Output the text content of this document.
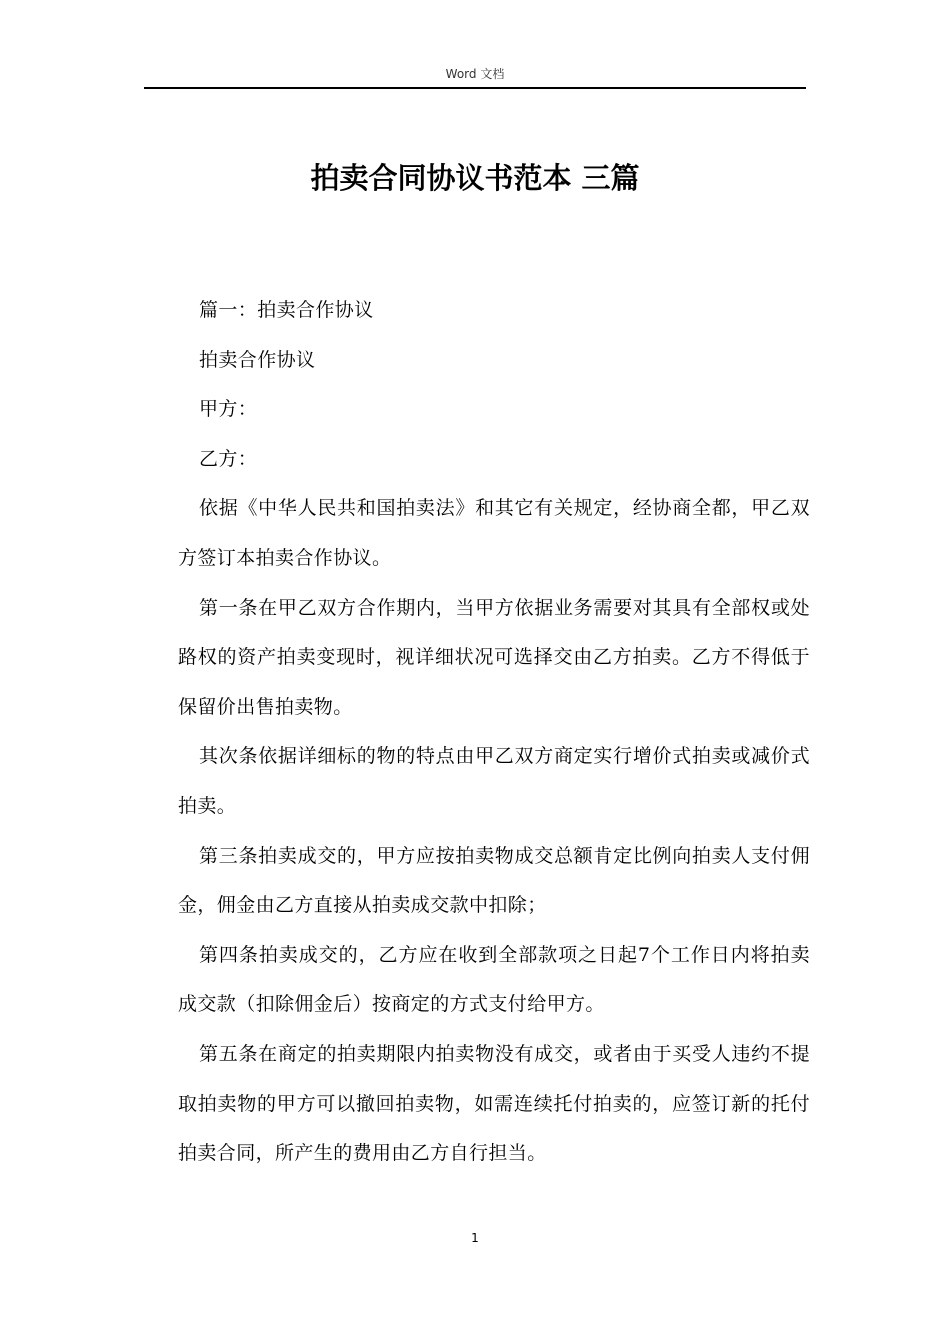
Word 文档
拍卖合同协议书范本 三篇

篇一：拍卖合作协议

拍卖合作协议

甲方：

乙方：

依据《中华人民共和国拍卖法》和其它有关规定，经协商全都，甲乙双方签订本拍卖合作协议。

第一条在甲乙双方合作期内，当甲方依据业务需要对其具有全部权或处路权的资产拍卖变现时，视详细状况可选择交由乙方拍卖。乙方不得低于保留价出售拍卖物。

其次条依据详细标的物的特点由甲乙双方商定实行增价式拍卖或减价式拍卖。

第三条拍卖成交的，甲方应按拍卖物成交总额肯定比例向拍卖人支付佣金，佣金由乙方直接从拍卖成交款中扣除；

第四条拍卖成交的，乙方应在收到全部款项之日起7个工作日内将拍卖成交款（扣除佣金后）按商定的方式支付给甲方。

第五条在商定的拍卖期限内拍卖物没有成交，或者由于买受人违约不提取拍卖物的甲方可以撤回拍卖物，如需连续托付拍卖的，应签订新的托付拍卖合同，所产生的费用由乙方自行担当。

1
